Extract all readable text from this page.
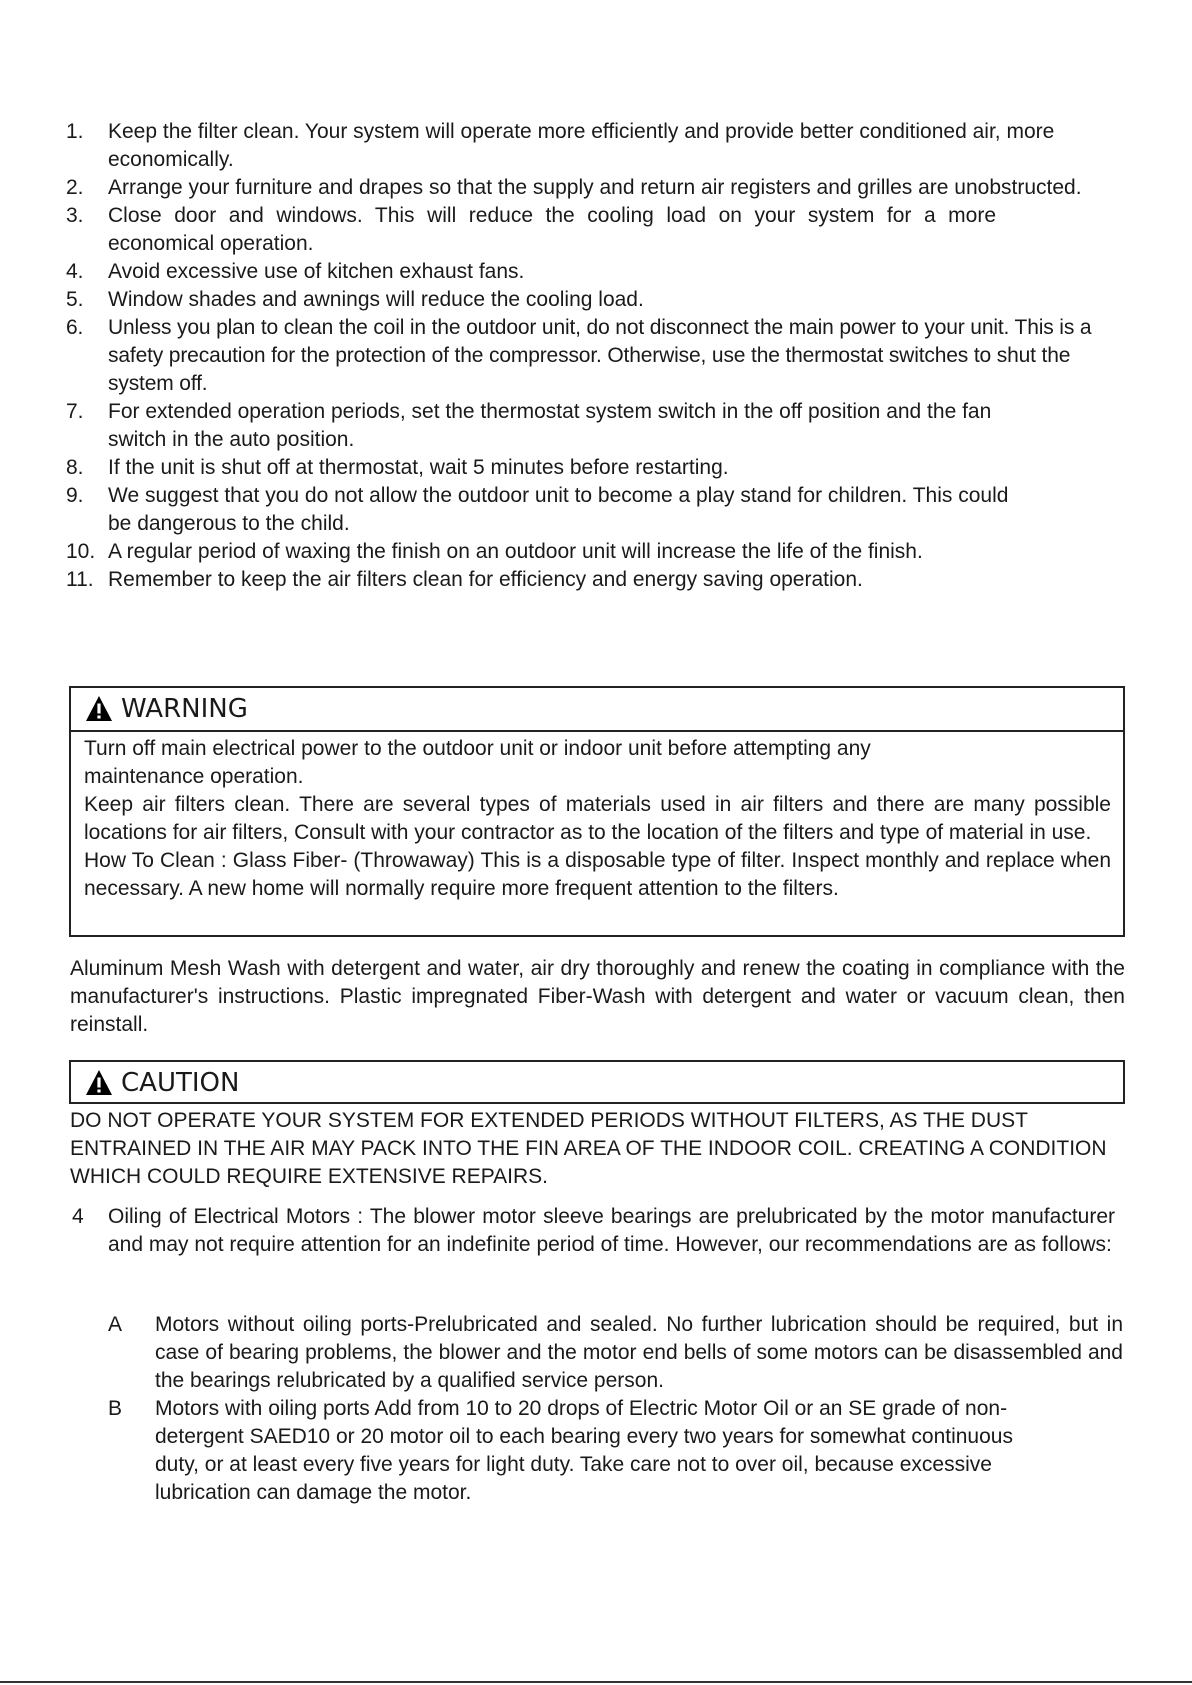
1. Keep the filter clean. Your system will operate more efficiently and provide better conditioned air, more economically.
2. Arrange your furniture and drapes so that the supply and return air registers and grilles are unobstructed.
3. Close door and windows. This will reduce the cooling load on your system for a more economical operation.
4. Avoid excessive use of kitchen exhaust fans.
5. Window shades and awnings will reduce the cooling load.
6. Unless you plan to clean the coil in the outdoor unit, do not disconnect the main power to your unit. This is a safety precaution for the protection of the compressor. Otherwise, use the thermostat switches to shut the system off.
7. For extended operation periods, set the thermostat system switch in the off position and the fan switch in the auto position.
8. If the unit is shut off at thermostat, wait 5 minutes before restarting.
9. We suggest that you do not allow the outdoor unit to become a play stand for children. This could be dangerous to the child.
10. A regular period of waxing the finish on an outdoor unit will increase the life of the finish.
11. Remember to keep the air filters clean for efficiency and energy saving operation.
WARNING

Turn off main electrical power to the outdoor unit or indoor unit before attempting any maintenance operation.

Keep air filters clean. There are several types of materials used in air filters and there are many possible locations for air filters, Consult with your contractor as to the location of the filters and type of material in use.

How To Clean : Glass Fiber- (Throwaway) This is a disposable type of filter. Inspect monthly and replace when necessary. A new home will normally require more frequent attention to the filters.

Aluminum Mesh Wash with detergent and water, air dry thoroughly and renew the coating in compliance with the manufacturer's instructions. Plastic impregnated Fiber-Wash with detergent and water or vacuum clean, then reinstall.

CAUTION

DO NOT OPERATE YOUR SYSTEM FOR EXTENDED PERIODS WITHOUT FILTERS, AS THE DUST ENTRAINED IN THE AIR MAY PACK INTO THE FIN AREA OF THE INDOOR COIL. CREATING A CONDITION WHICH COULD REQUIRE EXTENSIVE REPAIRS.

4 Oiling of Electrical Motors : The blower motor sleeve bearings are prelubricated by the motor manufacturer and may not require attention for an indefinite period of time. However, our recommendations are as follows:
A Motors without oiling ports-Prelubricated and sealed. No further lubrication should be required, but in case of bearing problems, the blower and the motor end bells of some motors can be disassembled and the bearings relubricated by a qualified service person.
B Motors with oiling ports Add from 10 to 20 drops of Electric Motor Oil or an SE grade of non-detergent SAED10 or 20 motor oil to each bearing every two years for somewhat continuous duty, or at least every five years for light duty. Take care not to over oil, because excessive lubrication can damage the motor.
